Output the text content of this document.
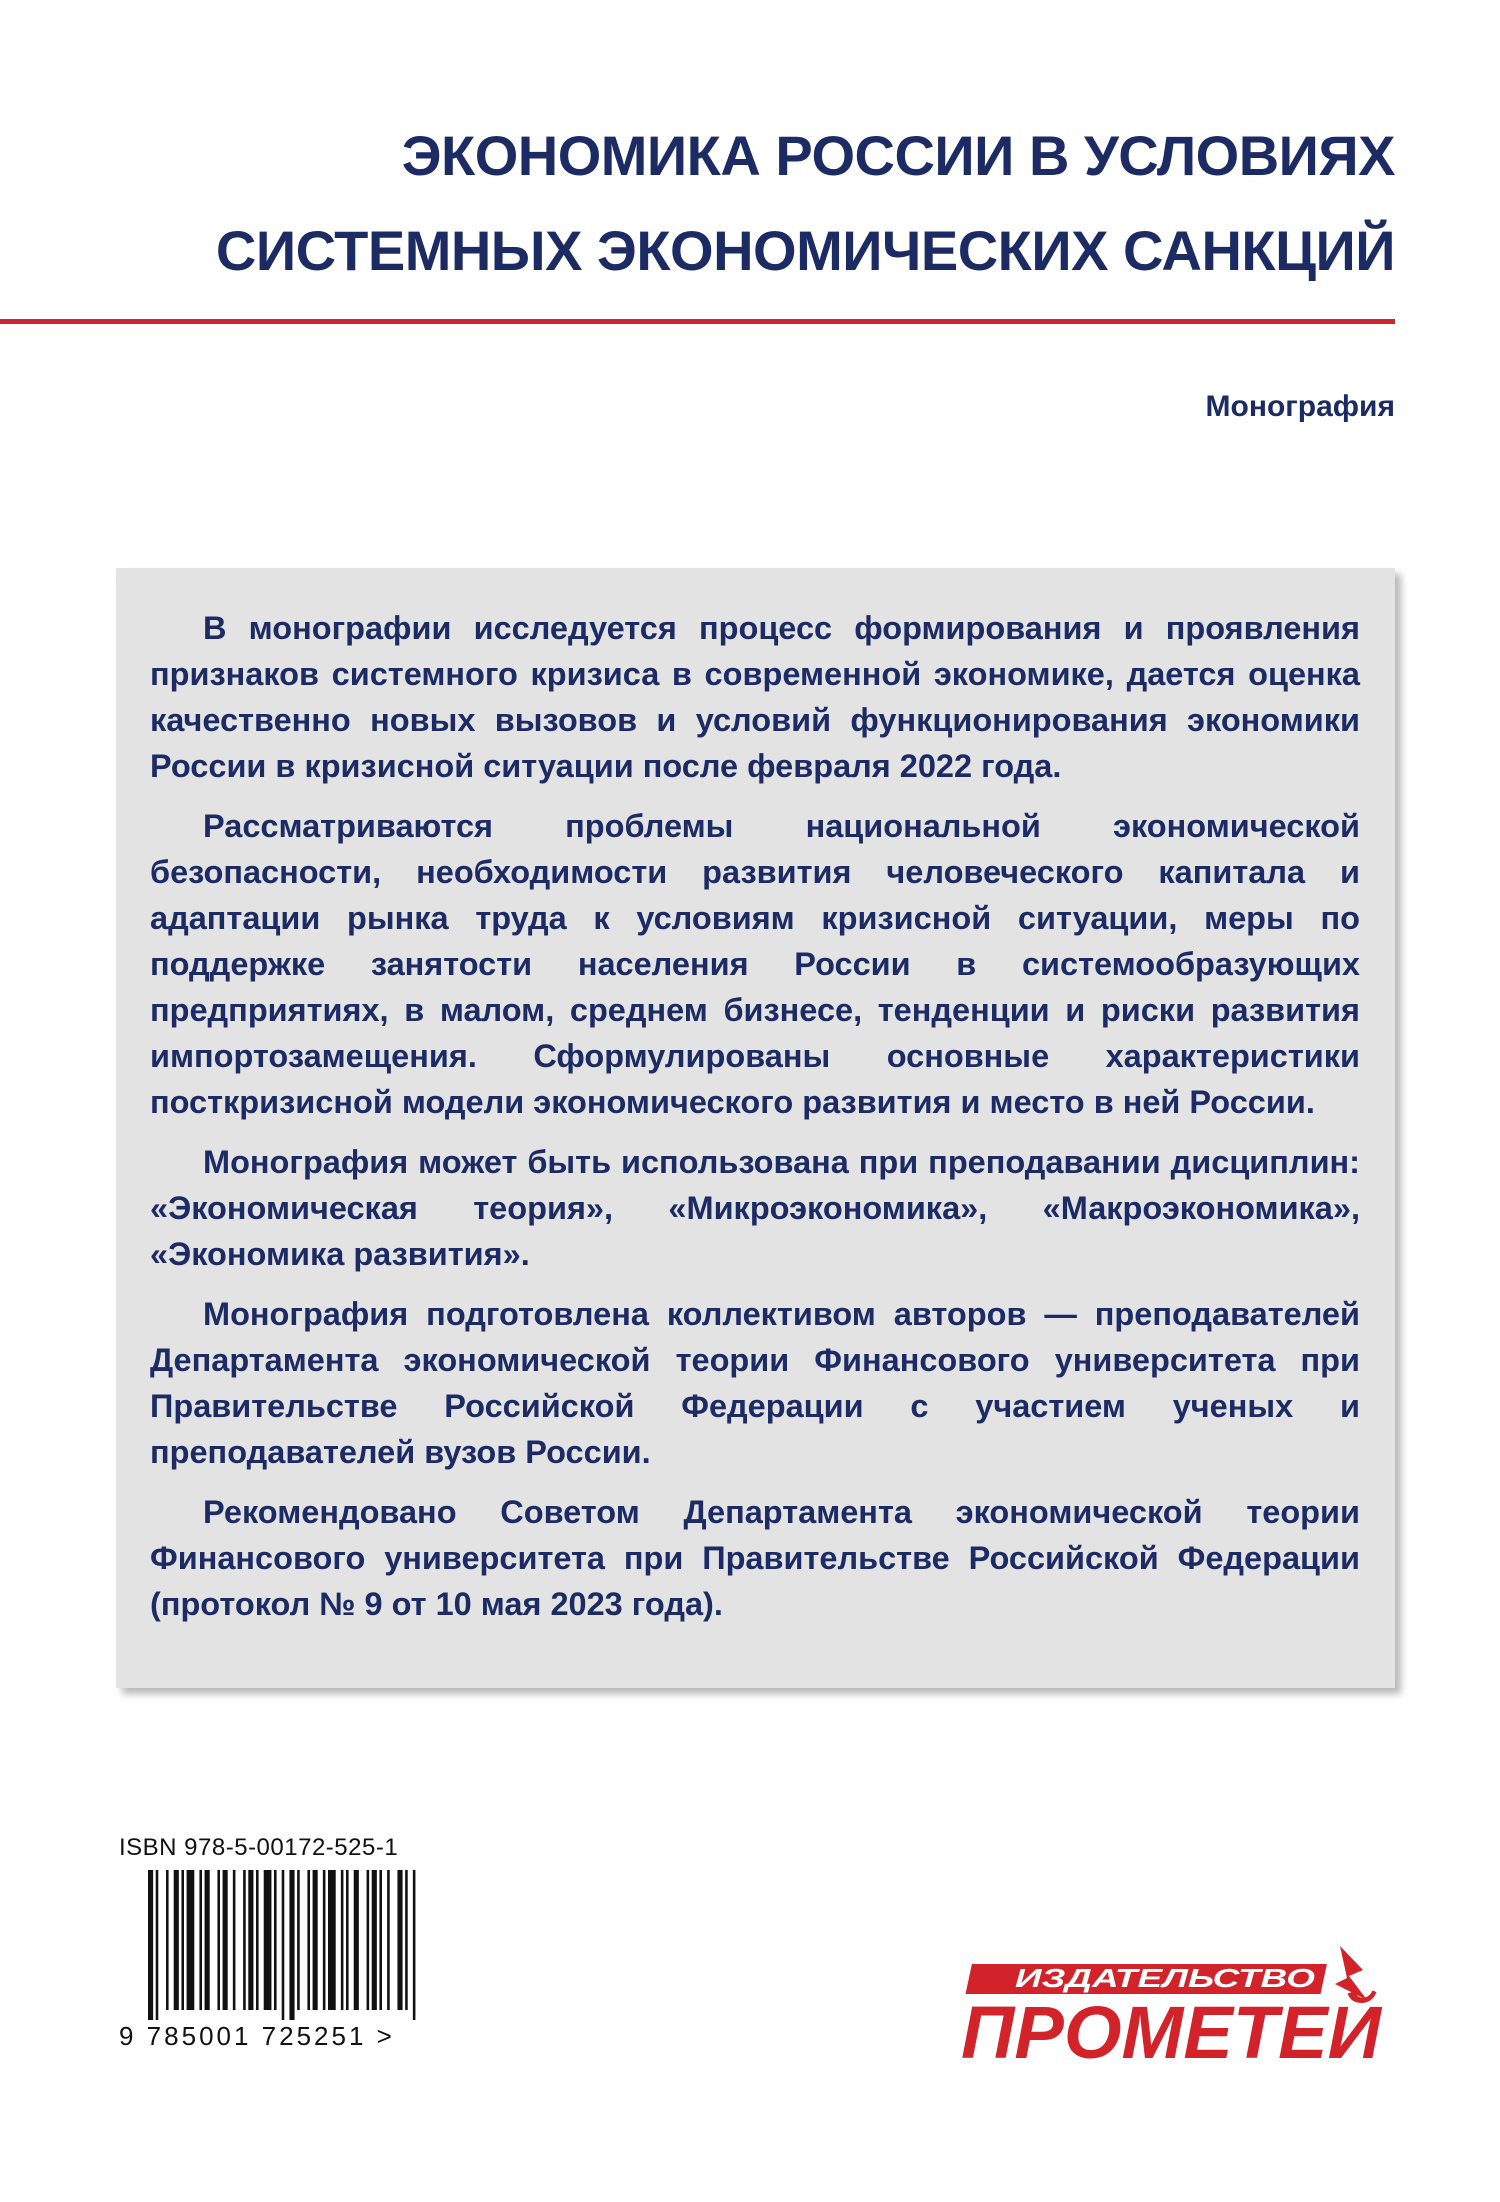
ЭКОНОМИКА РОССИИ В УСЛОВИЯХ
СИСТЕМНЫХ ЭКОНОМИЧЕСКИХ САНКЦИЙ

Монография

В монографии исследуется процесс формирования и проявления признаков системного кризиса в современной экономике, дается оценка качественно новых вызовов и условий функционирования экономики России в кризисной ситуации после февраля 2022 года.

Рассматриваются проблемы национальной экономической безопасности, необходимости развития человеческого капитала и адаптации рынка труда к условиям кризисной ситуации, меры по поддержке занятости населения России в системообразующих предприятиях, в малом, среднем бизнесе, тенденции и риски развития импортозамещения. Сформулированы основные характеристики посткризисной модели экономического развития и место в ней России.

Монография может быть использована при преподавании дисциплин: «Экономическая теория», «Микроэкономика», «Макроэкономика», «Экономика развития».

Монография подготовлена коллективом авторов — преподавателей Департамента экономической теории Финансового университета при Правительстве Российской Федерации с участием ученых и преподавателей вузов России.

Рекомендовано Советом Департамента экономической теории Финансового университета при Правительстве Российской Федерации (протокол № 9 от 10 мая 2023 года).

ISBN 978-5-00172-525-1

9 785001 725251 >
ИЗДАТЕЛЬСТВО
ПРОМЕТЕЙ
